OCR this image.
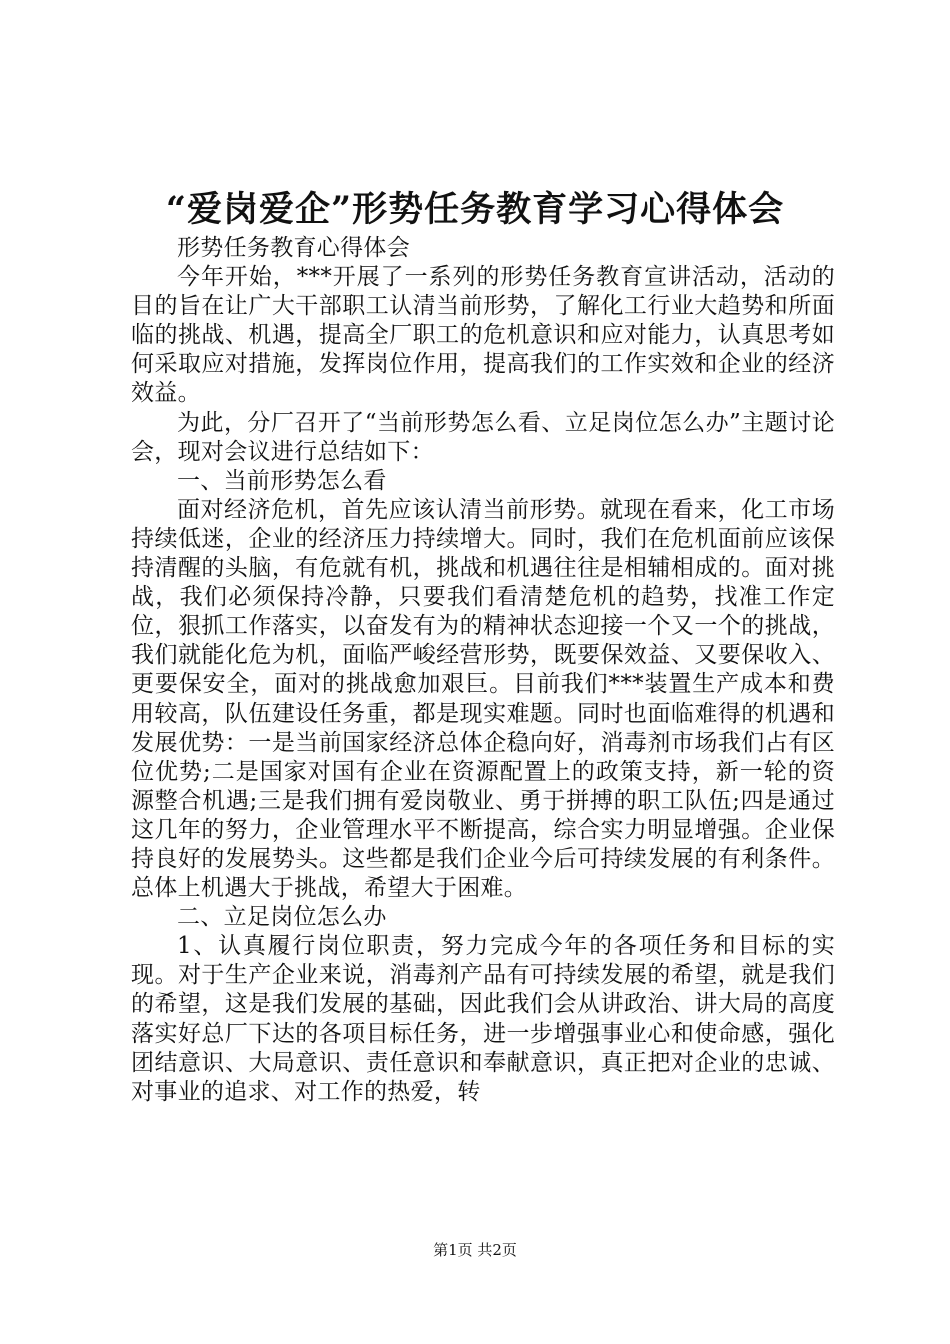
“爱岗爱企”形势任务教育学习心得体会

形势任务教育心得体会

今年开始，***开展了一系列的形势任务教育宣讲活动，活动的目的旨在让广大干部职工认清当前形势，了解化工行业大趋势和所面临的挑战、机遇，提高全厂职工的危机意识和应对能力，认真思考如何采取应对措施，发挥岗位作用，提高我们的工作实效和企业的经济效益。

为此，分厂召开了“当前形势怎么看、立足岗位怎么办”主题讨论会，现对会议进行总结如下：

一、当前形势怎么看

面对经济危机，首先应该认清当前形势。就现在看来，化工市场持续低迷，企业的经济压力持续增大。同时，我们在危机面前应该保持清醒的头脑，有危就有机，挑战和机遇往往是相辅相成的。面对挑战，我们必须保持冷静，只要我们看清楚危机的趋势，找准工作定位，狠抓工作落实，以奋发有为的精神状态迎接一个又一个的挑战，我们就能化危为机，面临严峻经营形势，既要保效益、又要保收入、更要保安全，面对的挑战愈加艰巨。目前我们***装置生产成本和费用较高，队伍建设任务重，都是现实难题。同时也面临难得的机遇和发展优势：一是当前国家经济总体企稳向好，消毒剂市场我们占有区位优势;二是国家对国有企业在资源配置上的政策支持，新一轮的资源整合机遇;三是我们拥有爱岗敬业、勇于拼搏的职工队伍;四是通过这几年的努力，企业管理水平不断提高，综合实力明显增强。企业保持良好的发展势头。这些都是我们企业今后可持续发展的有利条件。总体上机遇大于挑战，希望大于困难。

二、立足岗位怎么办

1、认真履行岗位职责，努力完成今年的各项任务和目标的实现。对于生产企业来说，消毒剂产品有可持续发展的希望，就是我们的希望，这是我们发展的基础，因此我们会从讲政治、讲大局的高度落实好总厂下达的各项目标任务，进一步增强事业心和使命感，强化团结意识、大局意识、责任意识和奉献意识，真正把对企业的忠诚、对事业的追求、对工作的热爱，转

第1页 共2页
